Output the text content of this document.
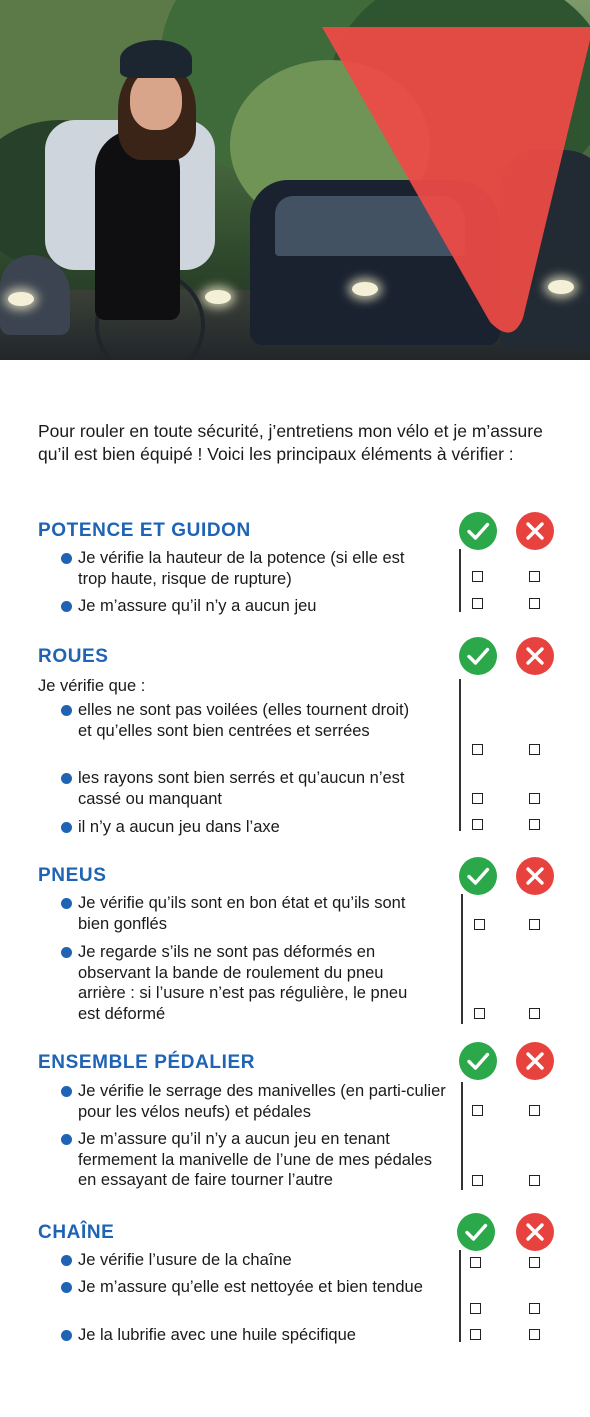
Pour rouler en toute sécurité, j’entretiens mon vélo et je m’assure qu’il est bien équipé ! Voici les principaux éléments à vérifier :

POTENCE ET GUIDON
Je vérifie la hauteur de la potence (si elle est trop haute, risque de rupture)
Je m’assure qu’il n’y a aucun jeu
ROUES
Je vérifie que :
elles ne sont pas voilées (elles tournent droit) et qu’elles sont bien centrées et serrées
les rayons sont bien serrés et qu’aucun n’est cassé ou manquant
il n’y a aucun jeu dans l’axe
PNEUS
Je vérifie qu’ils sont en bon état et qu’ils sont bien gonflés
Je regarde s’ils ne sont pas déformés en observant la bande de roulement du pneu arrière : si l’usure n’est pas régulière, le pneu est déformé
ENSEMBLE PÉDALIER
Je vérifie le serrage des manivelles (en parti-culier pour les vélos neufs) et pédales
Je m’assure qu’il n’y a aucun jeu en tenant fermement la manivelle de l’une de mes pédales en essayant de faire tourner l’autre
CHAÎNE
Je vérifie l’usure de la chaîne
Je m’assure qu’elle est nettoyée et bien tendue
Je la lubrifie avec une huile spécifique
